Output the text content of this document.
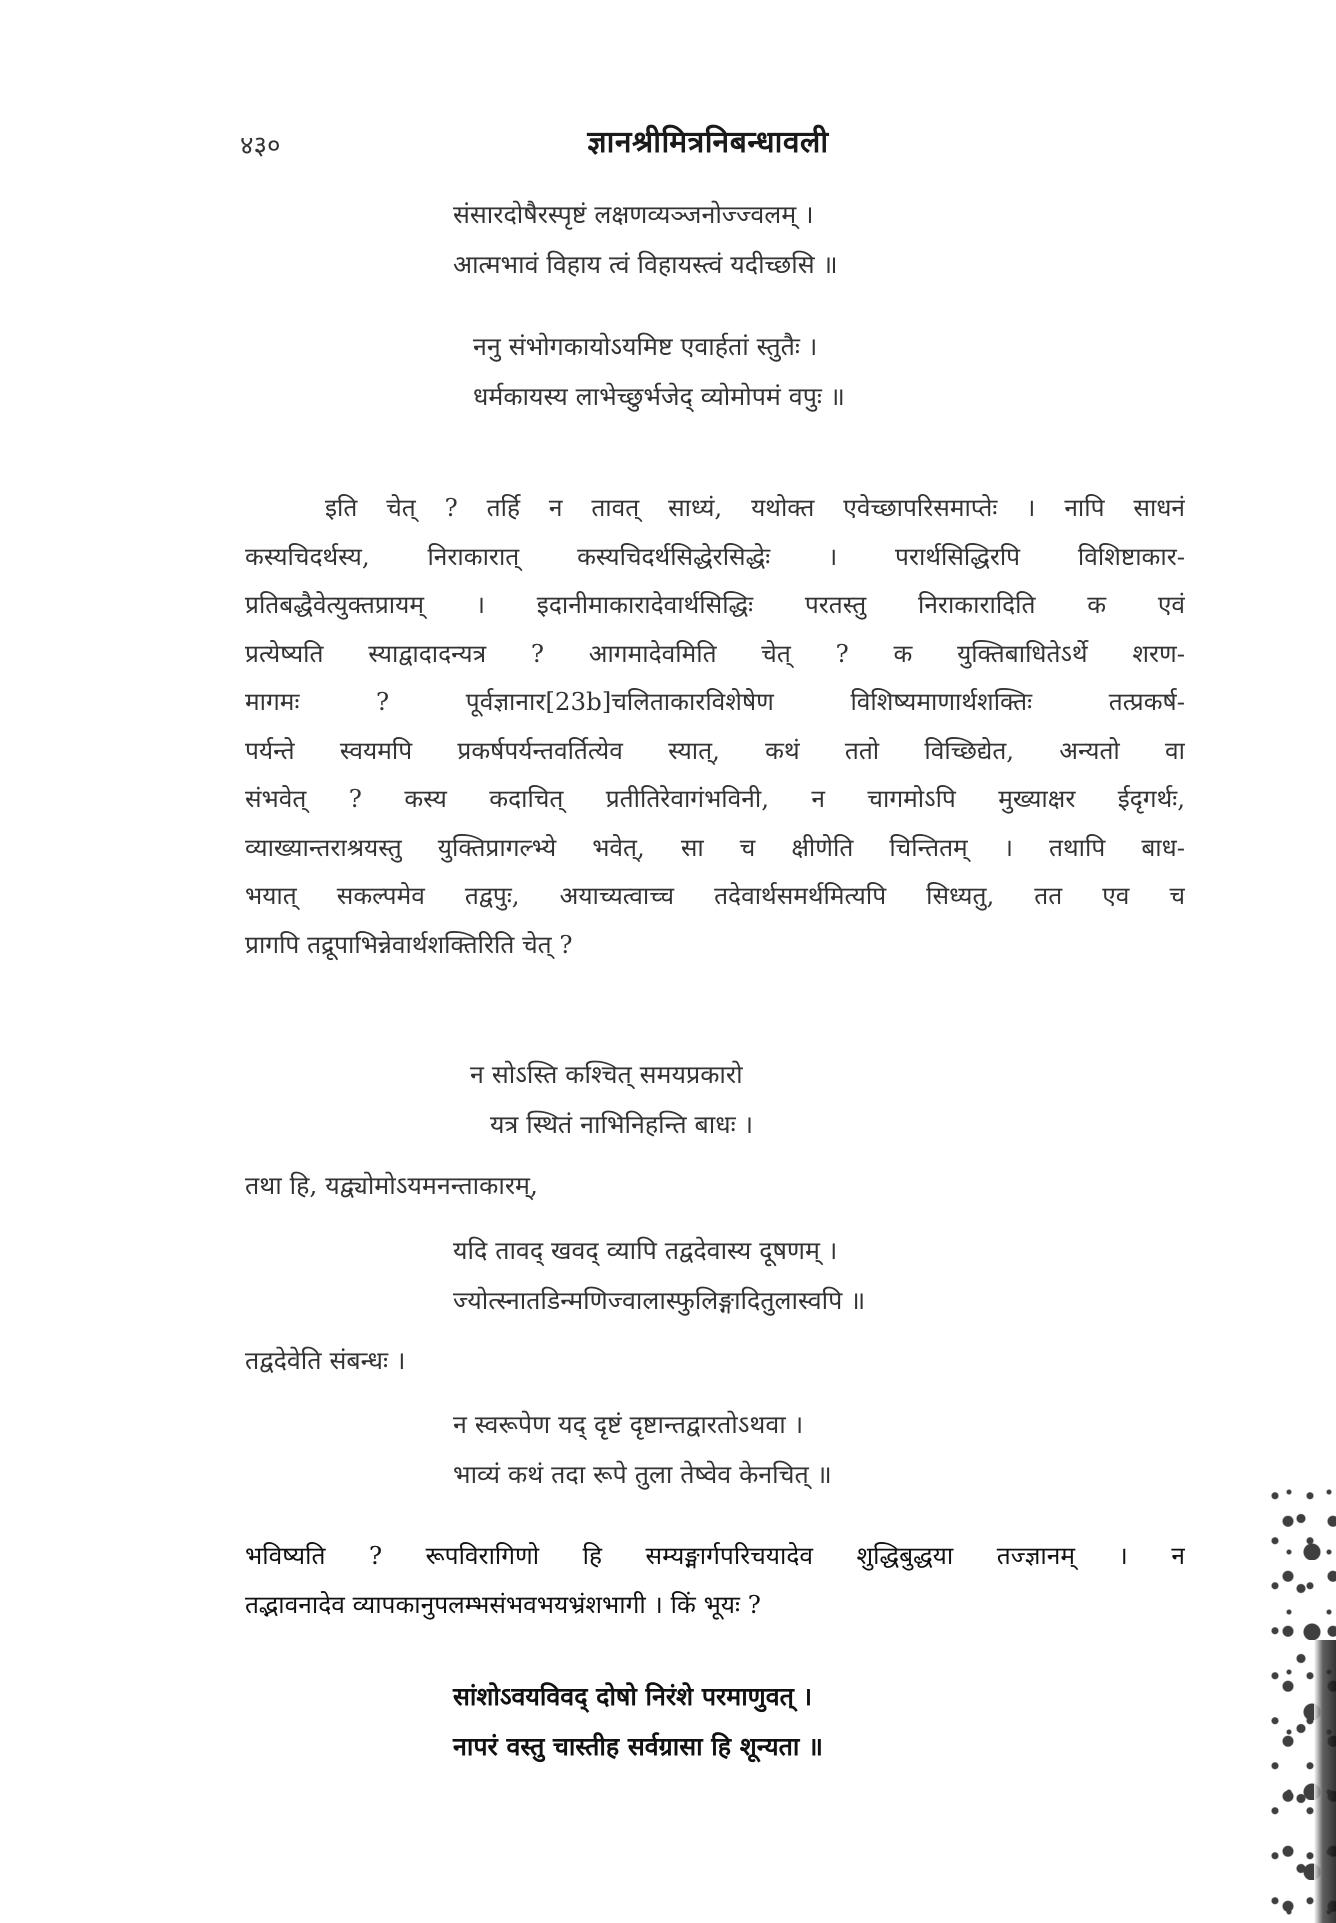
४३०	ज्ञानश्रीमित्रनिबन्धावली
संसारदोषैरस्पृष्टं लक्षणव्यञ्जनोज्ज्वलम् ।
आत्मभावं विहाय त्वं विहायस्त्वं यदीच्छसि ॥
ननु संभोगकायोऽयमिष्ट एवार्हतां स्तुतैः ।
धर्मकायस्य लाभेच्छुर्भजेद् व्योमोपमं वपुः ॥
इति चेत् ? तर्हि न तावत् साध्यं, यथोक्त एवेच्छापरिसमाप्तेः । नापि साधनं
कस्यचिदर्थस्य, निराकारात् कस्यचिदर्थसिद्धेरसिद्धेः । परार्थसिद्धिरपि विशिष्टाकार-
प्रतिबद्धैवेत्युक्तप्रायम् । इदानीमाकारादेवार्थसिद्धिः परतस्तु निराकारादिति क एवं
प्रत्येष्यति स्याद्वादादन्यत्र ? आगमादेवमिति चेत् ? क युक्तिबाधितेऽर्थे शरण-
मागमः ? पूर्वज्ञानार[23b]चलिताकारविशेषेण विशिष्यमाणार्थशक्तिः तत्प्रकर्ष-
पर्यन्ते स्वयमपि प्रकर्षपर्यन्तवर्तित्येव स्यात्, कथं ततो विच्छिद्येत, अन्यतो वा
संभवेत् ? कस्य कदाचित् प्रतीतिरेवागंभविनी, न चागमोऽपि मुख्याक्षर ईदृगर्थः,
व्याख्यान्तराश्रयस्तु युक्तिप्रागल्भ्ये भवेत्, सा च क्षीणेति चिन्तितम् । तथापि बाध-
भयात् सकल्पमेव तद्वपुः, अयाच्यत्वाच्च तदेवार्थसमर्थमित्यपि सिध्यतु, तत एव च
प्रागपि तद्रूपाभिन्नेवार्थशक्तिरिति चेत् ?
न सोऽस्ति कश्चित् समयप्रकारो
यत्र स्थितं नाभिनिहन्ति बाधः ।
तथा हि, यद्व्योमोऽयमनन्ताकारम्,
यदि तावद् खवद् व्यापि तद्वदेवास्य दूषणम् ।
ज्योत्स्नातडिन्मणिज्वालास्फुलिङ्गादितुलास्वपि ॥
तद्वदेवेति संबन्धः ।
न स्वरूपेण यद् दृष्टं दृष्टान्तद्वारतोऽथवा ।
भाव्यं कथं तदा रूपे तुला तेष्वेव केनचित् ॥
भविष्यति ? रूपविरागिणो हि सम्यङ्मार्गपरिचयादेव शुद्धिबुद्धया तज्ज्ञानम् । न
तद्भावनादेव व्यापकानुपलम्भसंभवभयभ्रंशभागी । किं भूयः ?
सांशोऽवयविवद् दोषो निरंशे परमाणुवत् ।
नापरं वस्तु चास्तीह सर्वग्रासा हि शून्यता ॥
